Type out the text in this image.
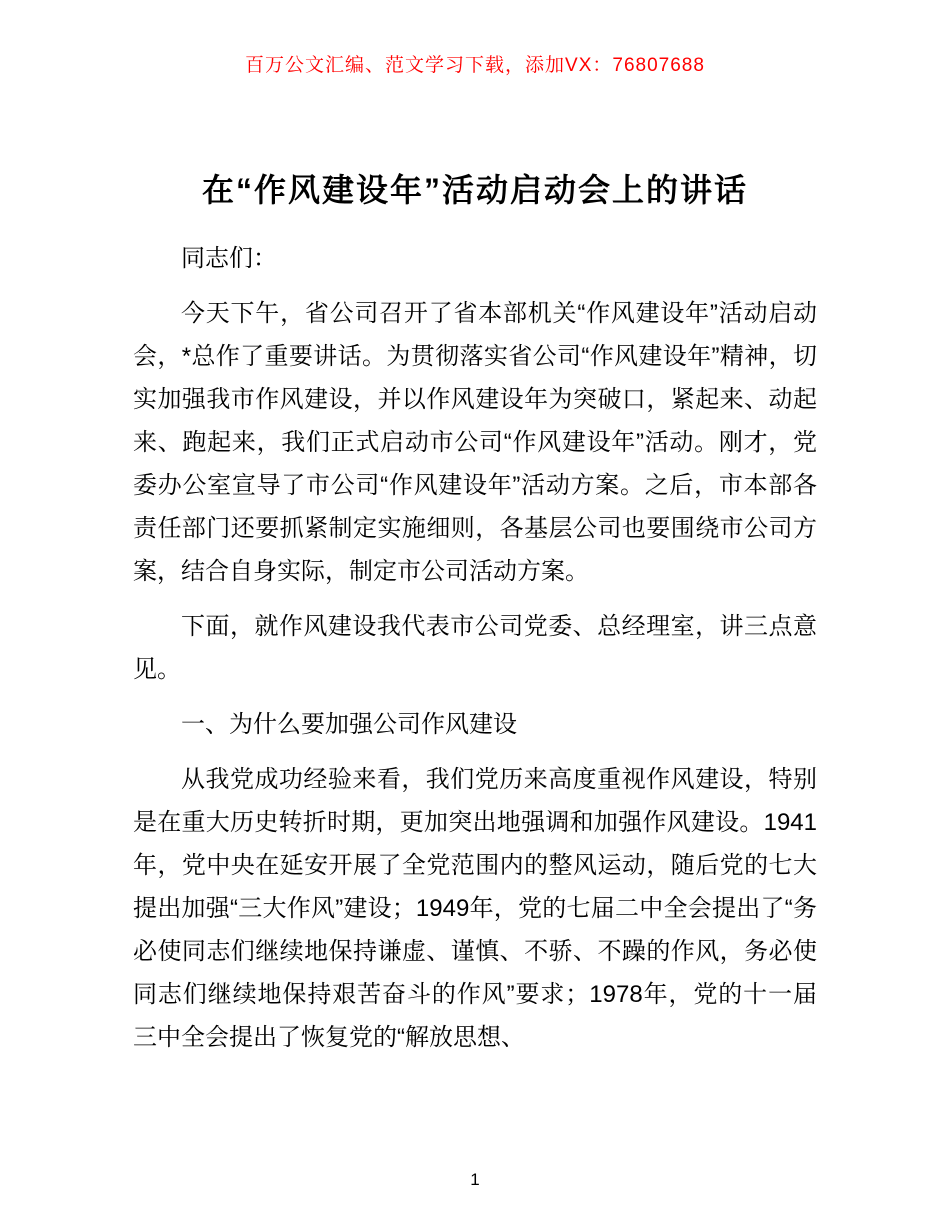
百万公文汇编、范文学习下载，添加VX：76807688
在“作风建设年”活动启动会上的讲话

同志们：

今天下午，省公司召开了省本部机关“作风建设年”活动启动会，*总作了重要讲话。为贯彻落实省公司“作风建设年”精神，切实加强我市作风建设，并以作风建设年为突破口，紧起来、动起来、跑起来，我们正式启动市公司“作风建设年”活动。刚才，党委办公室宣导了市公司“作风建设年”活动方案。之后，市本部各责任部门还要抓紧制定实施细则，各基层公司也要围绕市公司方案，结合自身实际，制定市公司活动方案。

下面，就作风建设我代表市公司党委、总经理室，讲三点意见。

一、为什么要加强公司作风建设

从我党成功经验来看，我们党历来高度重视作风建设，特别是在重大历史转折时期，更加突出地强调和加强作风建设。1941年，党中央在延安开展了全党范围内的整风运动，随后党的七大提出加强“三大作风”建设；1949年，党的七届二中全会提出了“务必使同志们继续地保持谦虚、谨慎、不骄、不躁的作风，务必使同志们继续地保持艰苦奋斗的作风”要求；1978年，党的十一届三中全会提出了恢复党的“解放思想、

1
